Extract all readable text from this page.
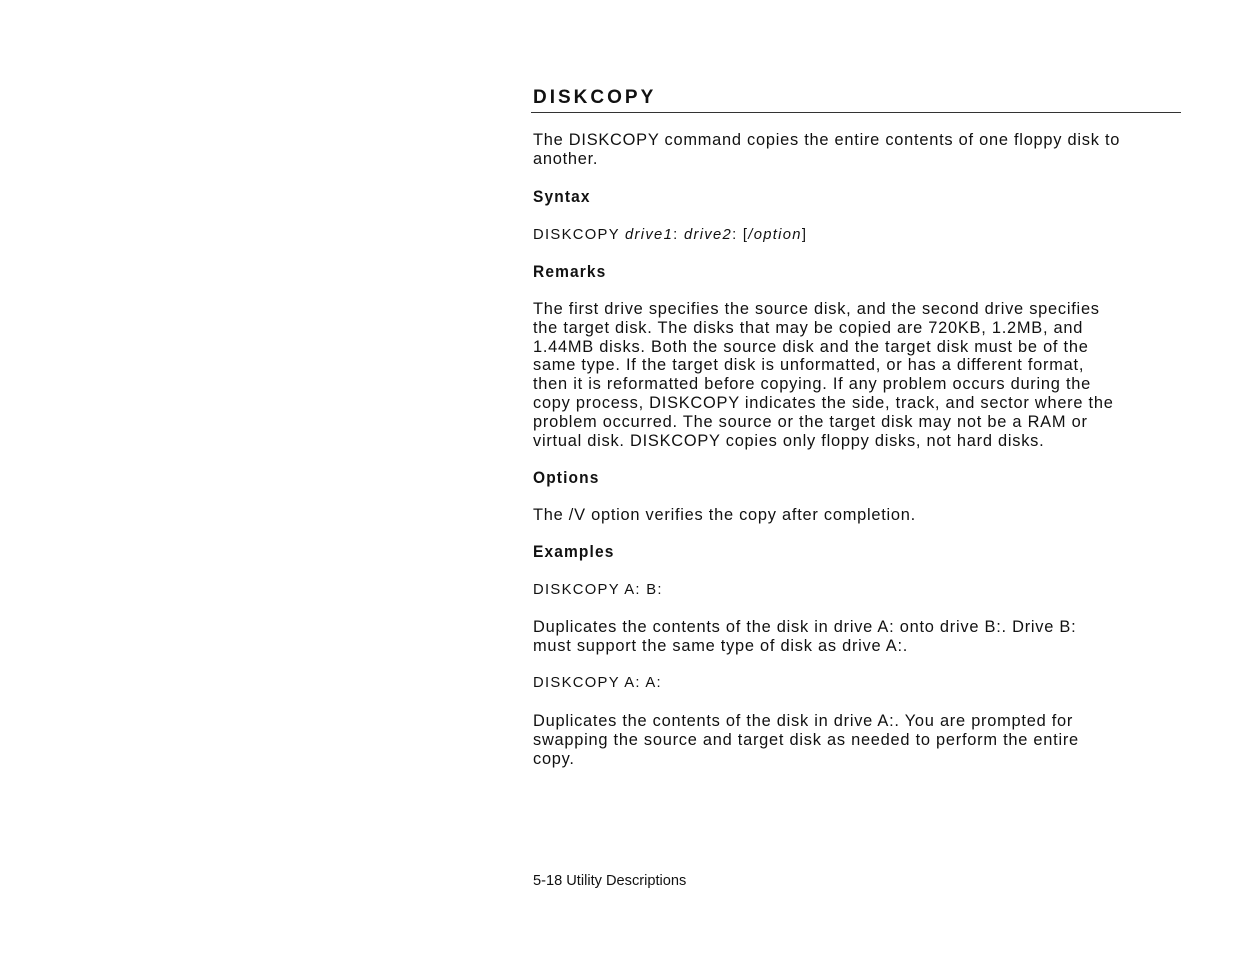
DISKCOPY

The DISKCOPY command copies the entire contents of one floppy disk to

another.

Syntax

DISKCOPY drive1: drive2: [/option]

Remarks

The first drive specifies the source disk, and the second drive specifies

the target disk. The disks that may be copied are 720KB, 1.2MB, and

1.44MB disks. Both the source disk and the target disk must be of the

same type. If the target disk is unformatted, or has a different format,

then it is reformatted before copying. If any problem occurs during the

copy process, DISKCOPY indicates the side, track, and sector where the

problem occurred. The source or the target disk may not be a RAM or

virtual disk. DISKCOPY copies only floppy disks, not hard disks.

Options

The /V option verifies the copy after completion.

Examples

DISKCOPY A: B:

Duplicates the contents of the disk in drive A: onto drive B:. Drive B:

must support the same type of disk as drive A:.

DISKCOPY A: A:

Duplicates the contents of the disk in drive A:. You are prompted for

swapping the source and target disk as needed to perform the entire

copy.

5-18 Utility Descriptions
